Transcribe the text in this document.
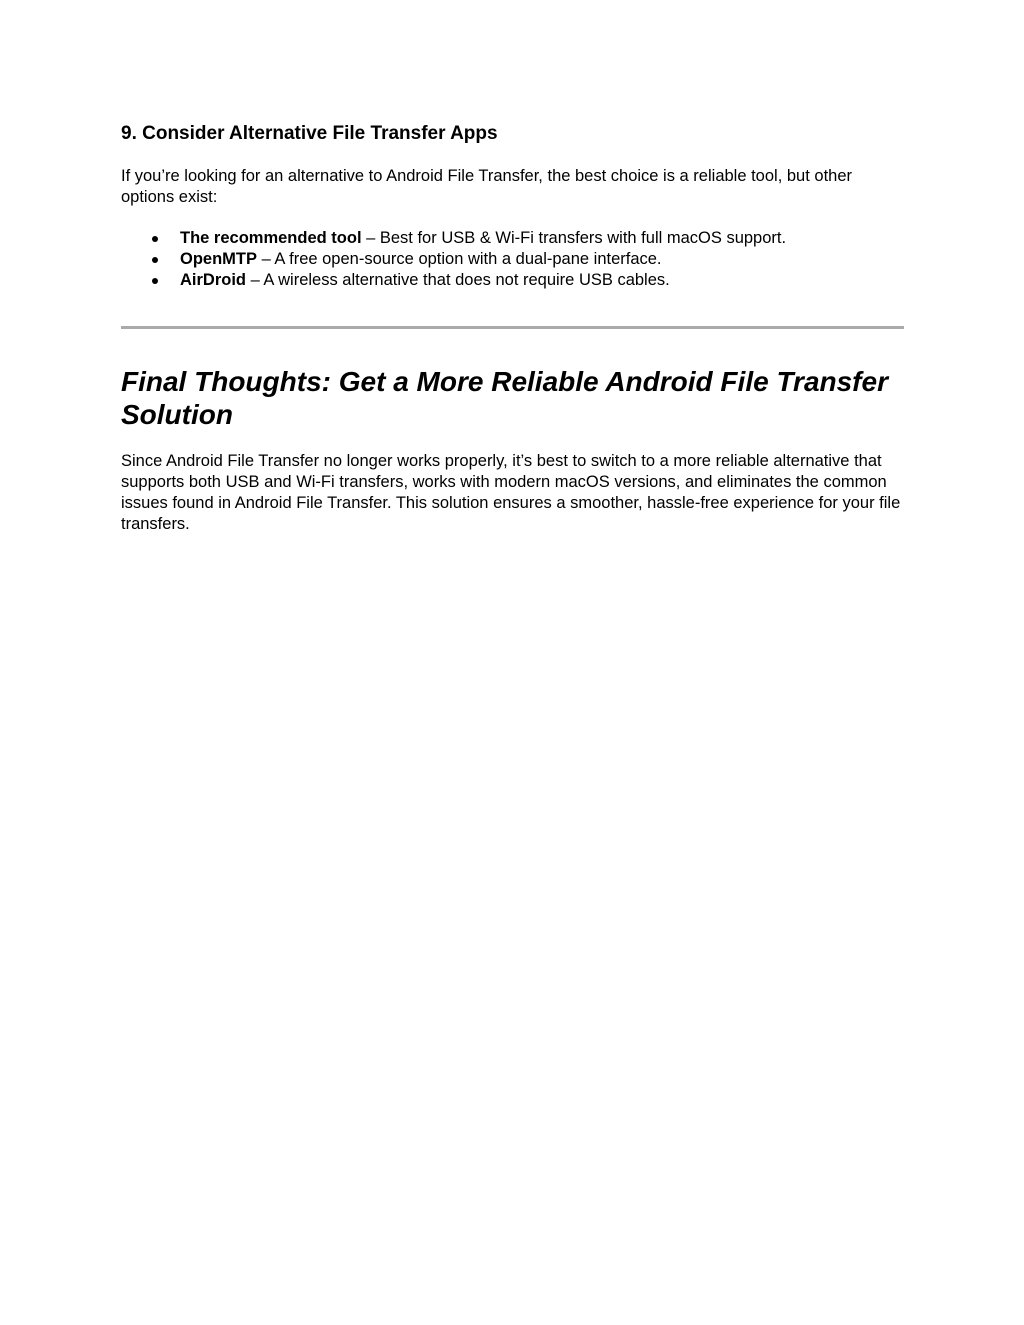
9. Consider Alternative File Transfer Apps

If you’re looking for an alternative to Android File Transfer, the best choice is a reliable tool, but other options exist:

The recommended tool – Best for USB & Wi-Fi transfers with full macOS support.
OpenMTP – A free open-source option with a dual-pane interface.
AirDroid – A wireless alternative that does not require USB cables.
Final Thoughts: Get a More Reliable Android File Transfer Solution

Since Android File Transfer no longer works properly, it’s best to switch to a more reliable alternative that supports both USB and Wi-Fi transfers, works with modern macOS versions, and eliminates the common issues found in Android File Transfer. This solution ensures a smoother, hassle-free experience for your file transfers.
